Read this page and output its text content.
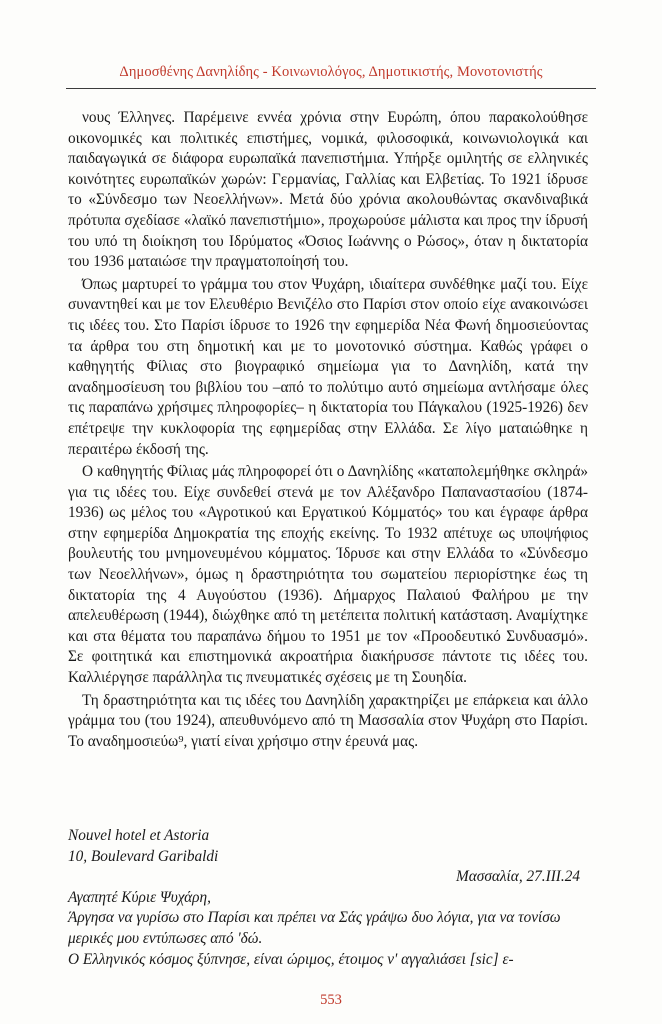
Δημοσθένης Δανηλίδης - Κοινωνιολόγος, Δημοτικιστής, Μονοτονιστής

νους Έλληνες. Παρέμεινε εννέα χρόνια στην Ευρώπη, όπου παρακολούθησε οικονομικές και πολιτικές επιστήμες, νομικά, φιλοσοφικά, κοινωνιολογικά και παιδαγωγικά σε διάφορα ευρωπαϊκά πανεπιστήμια. Υπήρξε ομιλητής σε ελληνικές κοινότητες ευρωπαϊκών χωρών: Γερμανίας, Γαλλίας και Ελβετίας. Το 1921 ίδρυσε το «Σύνδεσμο των Νεοελλήνων». Μετά δύο χρόνια ακολουθώντας σκανδιναβικά πρότυπα σχεδίασε «λαϊκό πανεπιστήμιο», προχωρούσε μάλιστα και προς την ίδρυσή του υπό τη διοίκηση του Ιδρύματος «Όσιος Ιωάννης ο Ρώσος», όταν η δικτατορία του 1936 ματαιώσε την πραγματοποίησή του.

Όπως μαρτυρεί το γράμμα του στον Ψυχάρη, ιδιαίτερα συνδέθηκε μαζί του. Είχε συναντηθεί και με τον Ελευθέριο Βενιζέλο στο Παρίσι στον οποίο είχε ανακοινώσει τις ιδέες του. Στο Παρίσι ίδρυσε το 1926 την εφημερίδα Νέα Φωνή δημοσιεύοντας τα άρθρα του στη δημοτική και με το μονοτονικό σύστημα. Καθώς γράφει ο καθηγητής Φίλιας στο βιογραφικό σημείωμα για το Δανηλίδη, κατά την αναδημοσίευση του βιβλίου του –από το πολύτιμο αυτό σημείωμα αντλήσαμε όλες τις παραπάνω χρήσιμες πληροφορίες– η δικτατορία του Πάγκαλου (1925-1926) δεν επέτρεψε την κυκλοφορία της εφημερίδας στην Ελλάδα. Σε λίγο ματαιώθηκε η περαιτέρω έκδοσή της.

Ο καθηγητής Φίλιας μάς πληροφορεί ότι ο Δανηλίδης «καταπολεμήθηκε σκληρά» για τις ιδέες του. Είχε συνδεθεί στενά με τον Αλέξανδρο Παπαναστασίου (1874-1936) ως μέλος του «Αγροτικού και Εργατικού Κόμματός» του και έγραφε άρθρα στην εφημερίδα Δημοκρατία της εποχής εκείνης. Το 1932 απέτυχε ως υποψήφιος βουλευτής του μνημονευμένου κόμματος. Ίδρυσε και στην Ελλάδα το «Σύνδεσμο των Νεοελλήνων», όμως η δραστηριότητα του σωματείου περιορίστηκε έως τη δικτατορία της 4 Αυγούστου (1936). Δήμαρχος Παλαιού Φαλήρου με την απελευθέρωση (1944), διώχθηκε από τη μετέπειτα πολιτική κατάσταση. Αναμίχτηκε και στα θέματα του παραπάνω δήμου το 1951 με τον «Προοδευτικό Συνδυασμό». Σε φοιτητικά και επιστημονικά ακροατήρια διακήρυσσε πάντοτε τις ιδέες του. Καλλιέργησε παράλληλα τις πνευματικές σχέσεις με τη Σουηδία.

Τη δραστηριότητα και τις ιδέες του Δανηλίδη χαρακτηρίζει με επάρκεια και άλλο γράμμα του (του 1924), απευθυνόμενο από τη Μασσαλία στον Ψυχάρη στο Παρίσι. Το αναδημοσιεύω⁹, γιατί είναι χρήσιμο στην έρευνά μας.

Nouvel hotel et Astoria
10, Boulevard Garibaldi
Μασσαλία, 27.ΙΙΙ.24
Αγαπητέ Κύριε Ψυχάρη,
Άργησα να γυρίσω στο Παρίσι και πρέπει να Σάς γράψω δυο λόγια, για να τονίσω μερικές μου εντύπωσες από 'δώ.
Ο Ελληνικός κόσμος ξύπνησε, είναι ώριμος, έτοιμος ν' αγγαλιάσει [sic] ε-
553
